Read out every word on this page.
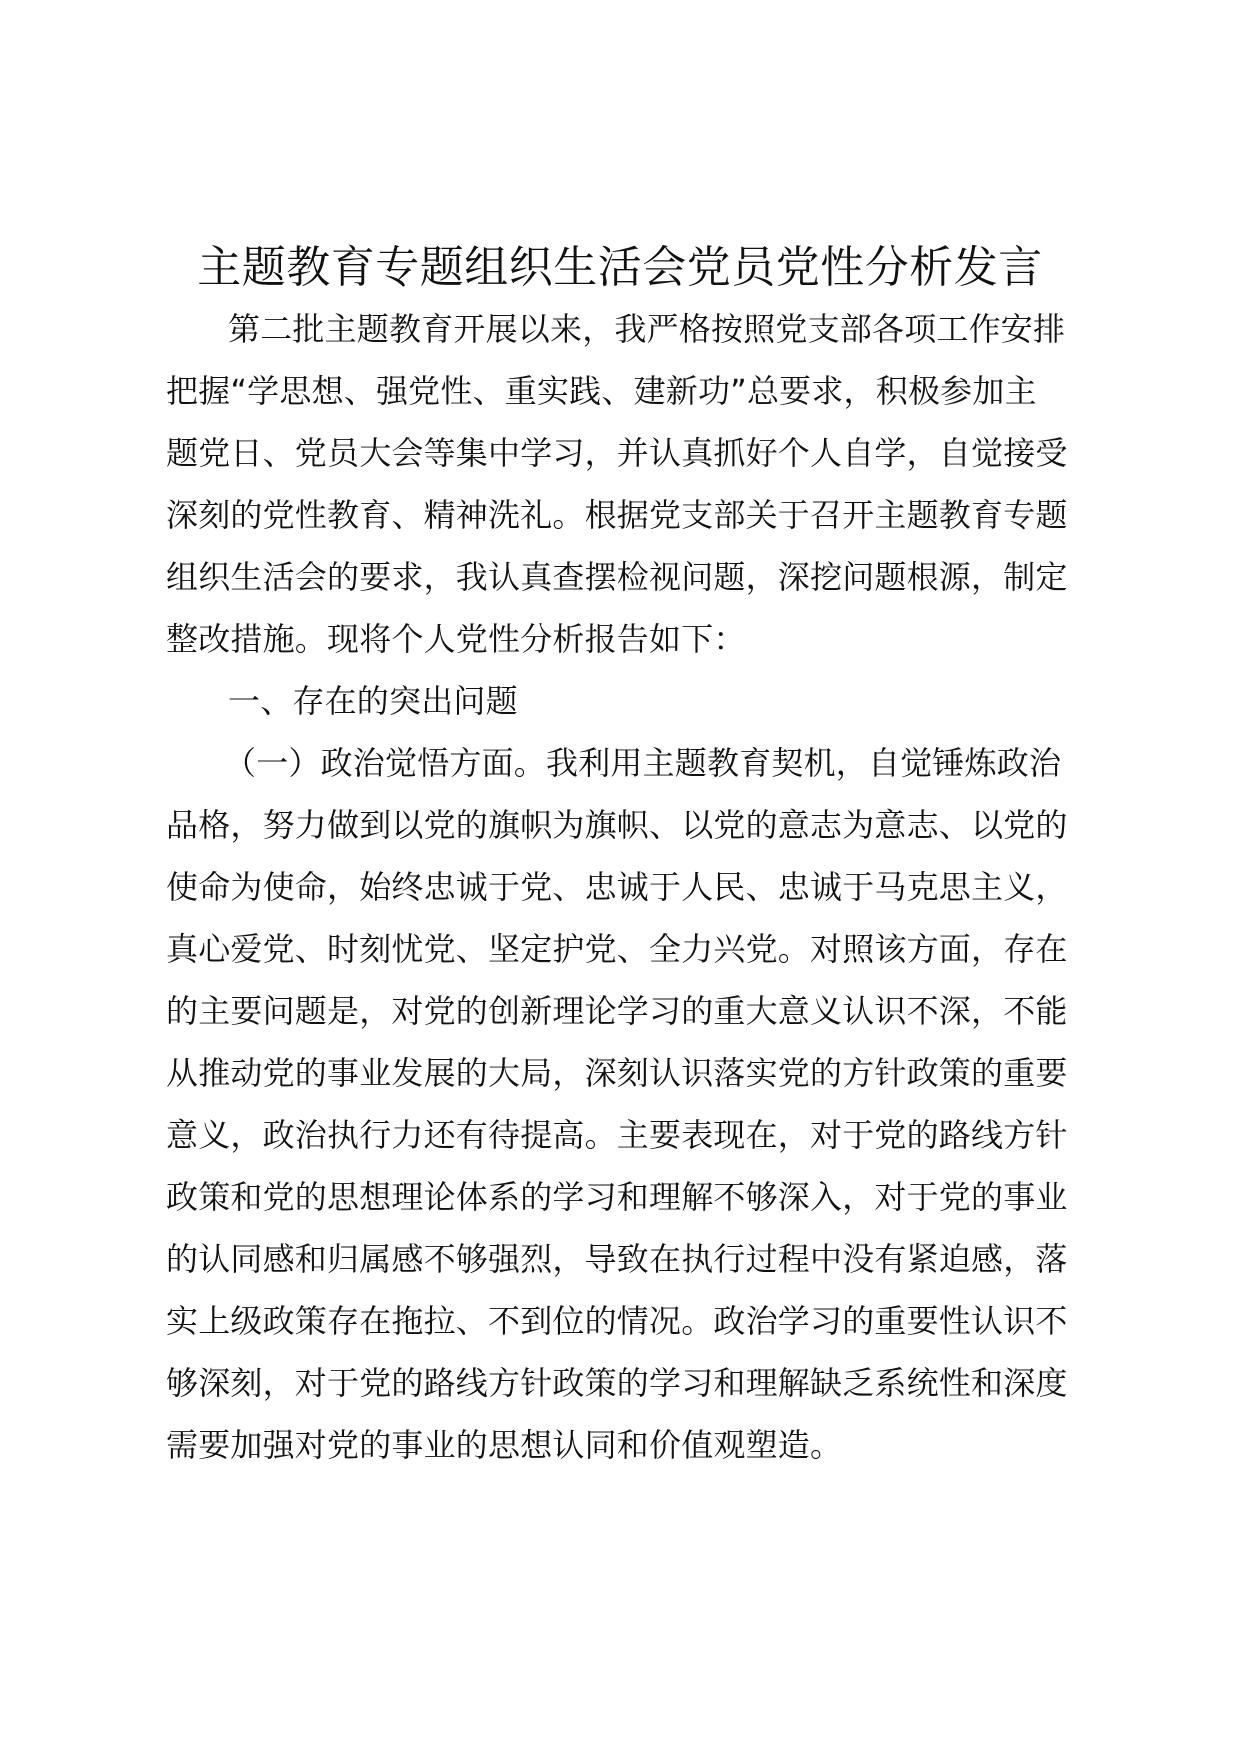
主题教育专题组织生活会党员党性分析发言
第二批主题教育开展以来，我严格按照党支部各项工作安排
把握“学思想、强党性、重实践、建新功”总要求，积极参加主
题党日、党员大会等集中学习，并认真抓好个人自学，自觉接受
深刻的党性教育、精神洗礼。根据党支部关于召开主题教育专题
组织生活会的要求，我认真查摆检视问题，深挖问题根源，制定
整改措施。现将个人党性分析报告如下：
一、存在的突出问题
（一）政治觉悟方面。我利用主题教育契机，自觉锤炼政治
品格，努力做到以党的旗帜为旗帜、以党的意志为意志、以党的
使命为使命，始终忠诚于党、忠诚于人民、忠诚于马克思主义，
真心爱党、时刻忧党、坚定护党、全力兴党。对照该方面，存在
的主要问题是，对党的创新理论学习的重大意义认识不深，不能
从推动党的事业发展的大局，深刻认识落实党的方针政策的重要
意义，政治执行力还有待提高。主要表现在，对于党的路线方针
政策和党的思想理论体系的学习和理解不够深入，对于党的事业
的认同感和归属感不够强烈，导致在执行过程中没有紧迫感，落
实上级政策存在拖拉、不到位的情况。政治学习的重要性认识不
够深刻，对于党的路线方针政策的学习和理解缺乏系统性和深度
需要加强对党的事业的思想认同和价值观塑造。
